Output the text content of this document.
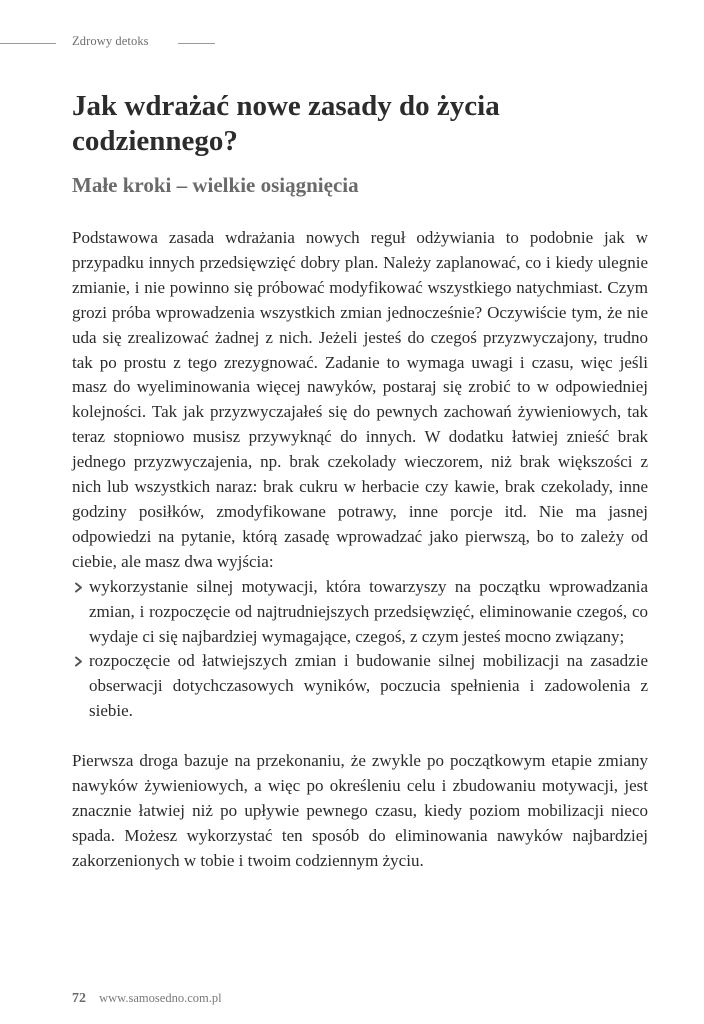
Zdrowy detoks
Jak wdrażać nowe zasady do życia codziennego?
Małe kroki – wielkie osiągnięcia

Podstawowa zasada wdrażania nowych reguł odżywiania to podobnie jak w przypadku innych przedsięwzięć dobry plan. Należy zaplanować, co i kiedy ulegnie zmianie, i nie powinno się próbować modyfikować wszystkiego natychmiast. Czym grozi próba wprowadzenia wszystkich zmian jednocześnie? Oczywiście tym, że nie uda się zrealizować żadnej z nich. Jeżeli jesteś do czegoś przyzwyczajony, trudno tak po prostu z tego zrezygnować. Zadanie to wymaga uwagi i czasu, więc jeśli masz do wyeliminowania więcej nawyków, postaraj się zrobić to w odpowiedniej kolejności. Tak jak przyzwyczajałeś się do pewnych zachowań żywieniowych, tak teraz stopniowo musisz przywyknąć do innych. W dodatku łatwiej znieść brak jednego przyzwyczajenia, np. brak czekolady wieczorem, niż brak większości z nich lub wszystkich naraz: brak cukru w herbacie czy kawie, brak czekolady, inne godziny posiłków, zmodyfikowane potrawy, inne porcje itd. Nie ma jasnej odpowiedzi na pytanie, którą zasadę wprowadzać jako pierwszą, bo to zależy od ciebie, ale masz dwa wyjścia:

wykorzystanie silnej motywacji, która towarzyszy na początku wprowadzania zmian, i rozpoczęcie od najtrudniejszych przedsięwzięć, eliminowanie czegoś, co wydaje ci się najbardziej wymagające, czegoś, z czym jesteś mocno związany;
rozpoczęcie od łatwiejszych zmian i budowanie silnej mobilizacji na zasadzie obserwacji dotychczasowych wyników, poczucia spełnienia i zadowolenia z siebie.

Pierwsza droga bazuje na przekonaniu, że zwykle po początkowym etapie zmiany nawyków żywieniowych, a więc po określeniu celu i zbudowaniu motywacji, jest znacznie łatwiej niż po upływie pewnego czasu, kiedy poziom mobilizacji nieco spada. Możesz wykorzystać ten sposób do eliminowania nawyków najbardziej zakorzenionych w tobie i twoim codziennym życiu.

72 www.samosedno.com.pl
